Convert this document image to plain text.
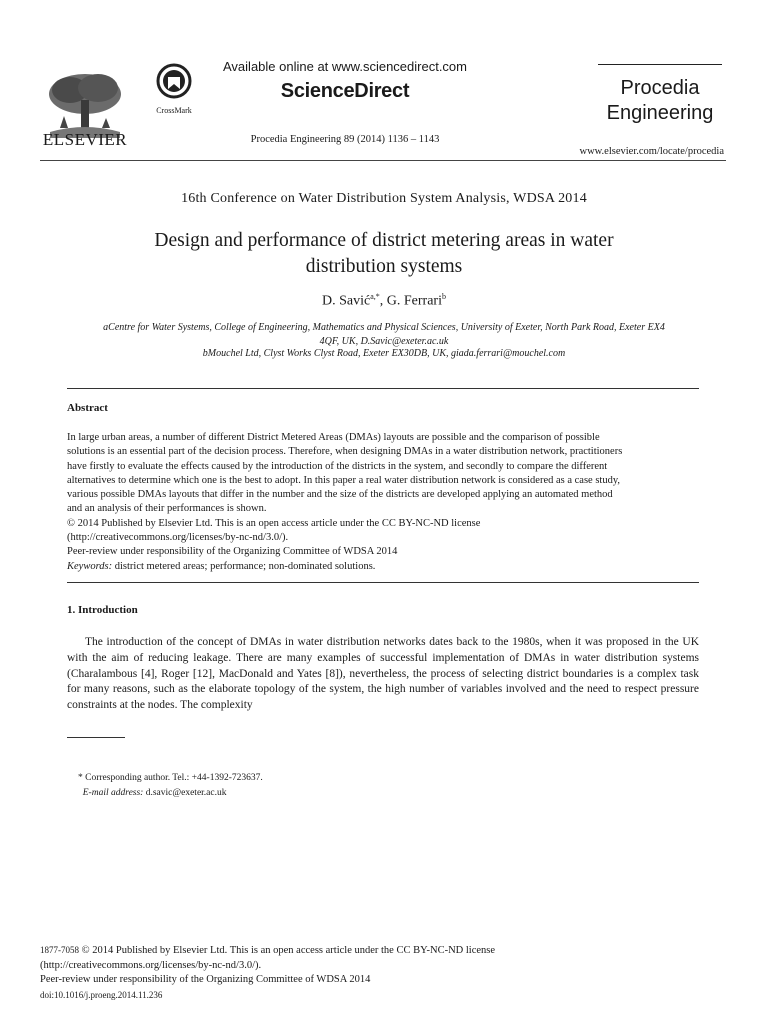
ELSEVIER
CrossMark
Available online at www.sciencedirect.com
ScienceDirect
Procedia Engineering 89 (2014) 1136 – 1143
Procedia
Engineering
www.elsevier.com/locate/procedia
16th Conference on Water Distribution System Analysis, WDSA 2014
Design and performance of district metering areas in water
distribution systems
D. Savić$^{a,*}$, G. Ferrari$^b$
aCentre for Water Systems, College of Engineering, Mathematics and Physical Sciences, University of Exeter, North Park Road, Exeter EX4
4QF, UK, D.Savic@exeter.ac.uk
bMouchel Ltd, Clyst Works Clyst Road, Exeter EX30DB, UK, giada.ferrari@mouchel.com
Abstract
In large urban areas, a number of different District Metered Areas (DMAs) layouts are possible and the comparison of possible
solutions is an essential part of the decision process. Therefore, when designing DMAs in a water distribution network, practitioners
have firstly to evaluate the effects caused by the introduction of the districts in the system, and secondly to compare the different
alternatives to determine which one is the best to adopt. In this paper a real water distribution network is considered as a case study,
various possible DMAs layouts that differ in the number and the size of the districts are developed applying an automated method
and an analysis of their performances is shown.
© 2014 Published by Elsevier Ltd. This is an open access article under the CC BY-NC-ND license
(http://creativecommons.org/licenses/by-nc-nd/3.0/).
Peer-review under responsibility of the Organizing Committee of WDSA 2014
Keywords: district metered areas; performance; non-dominated solutions.
1. Introduction
The introduction of the concept of DMAs in water distribution networks dates back to the 1980s, when it was proposed in the UK with the aim of reducing leakage. There are many examples of successful implementation of DMAs in water distribution systems (Charalambous [4], Roger [12], MacDonald and Yates [8]), nevertheless, the process of selecting district boundaries is a complex task for many reasons, such as the elaborate topology of the system, the high number of variables involved and the need to respect pressure constraints at the nodes. The complexity
* Corresponding author. Tel.: +44-1392-723637.
E-mail address: d.savic@exeter.ac.uk
1877-7058 © 2014 Published by Elsevier Ltd. This is an open access article under the CC BY-NC-ND license
(http://creativecommons.org/licenses/by-nc-nd/3.0/).
Peer-review under responsibility of the Organizing Committee of WDSA 2014
doi:10.1016/j.proeng.2014.11.236
